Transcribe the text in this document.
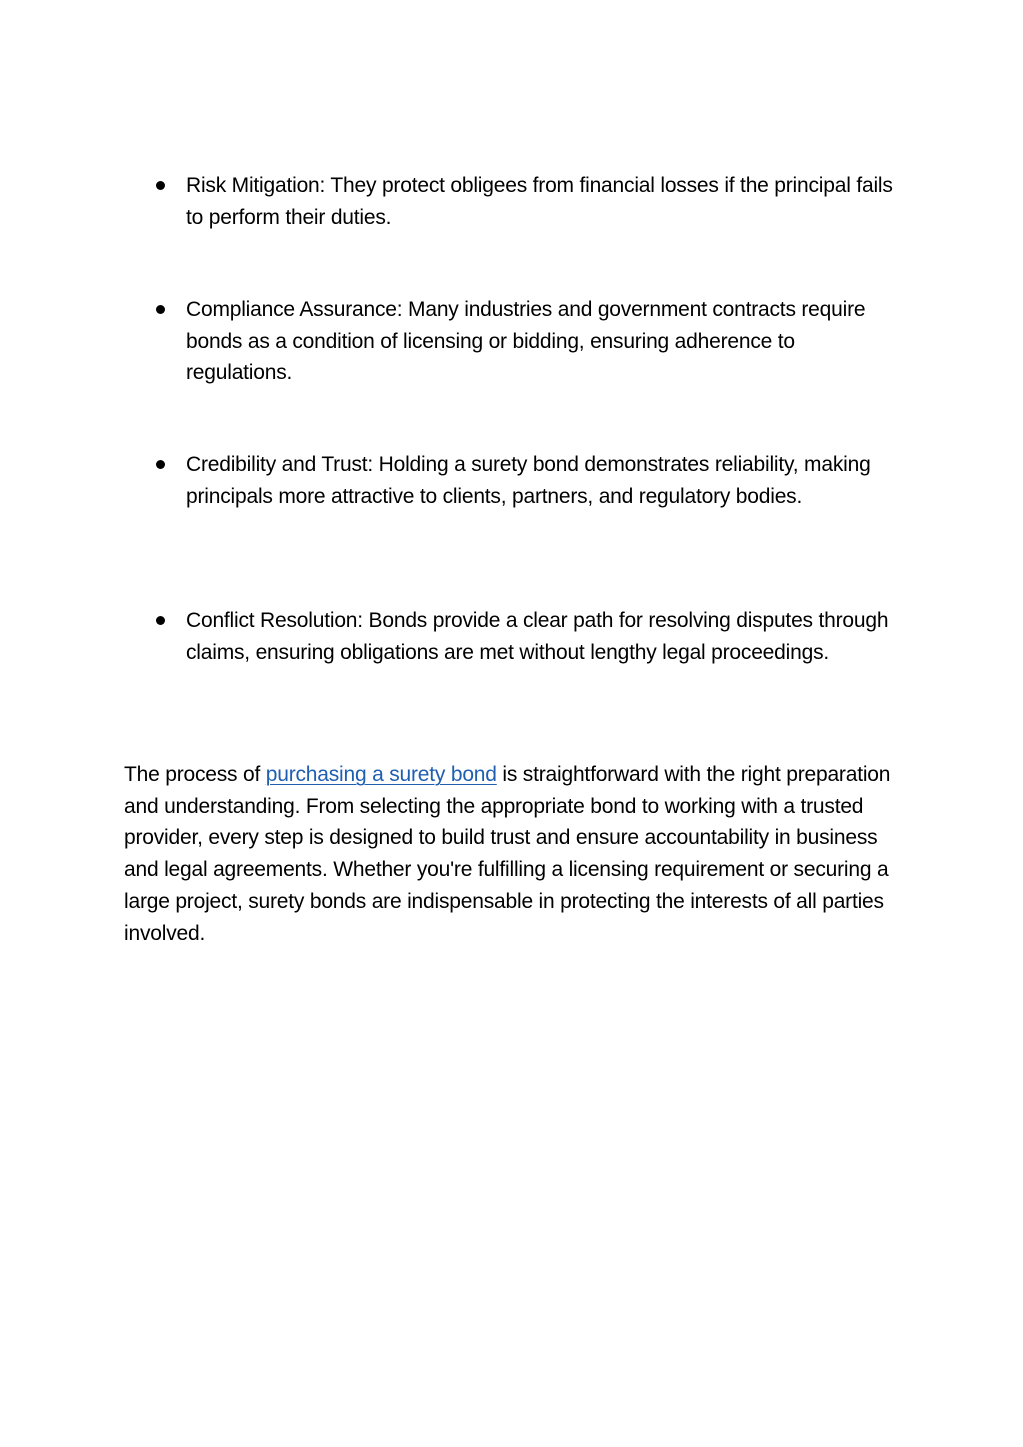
Risk Mitigation: They protect obligees from financial losses if the principal fails to perform their duties.
Compliance Assurance: Many industries and government contracts require bonds as a condition of licensing or bidding, ensuring adherence to regulations.
Credibility and Trust: Holding a surety bond demonstrates reliability, making principals more attractive to clients, partners, and regulatory bodies.
Conflict Resolution: Bonds provide a clear path for resolving disputes through claims, ensuring obligations are met without lengthy legal proceedings.

The process of purchasing a surety bond is straightforward with the right preparation and understanding. From selecting the appropriate bond to working with a trusted provider, every step is designed to build trust and ensure accountability in business and legal agreements. Whether you're fulfilling a licensing requirement or securing a large project, surety bonds are indispensable in protecting the interests of all parties involved.
